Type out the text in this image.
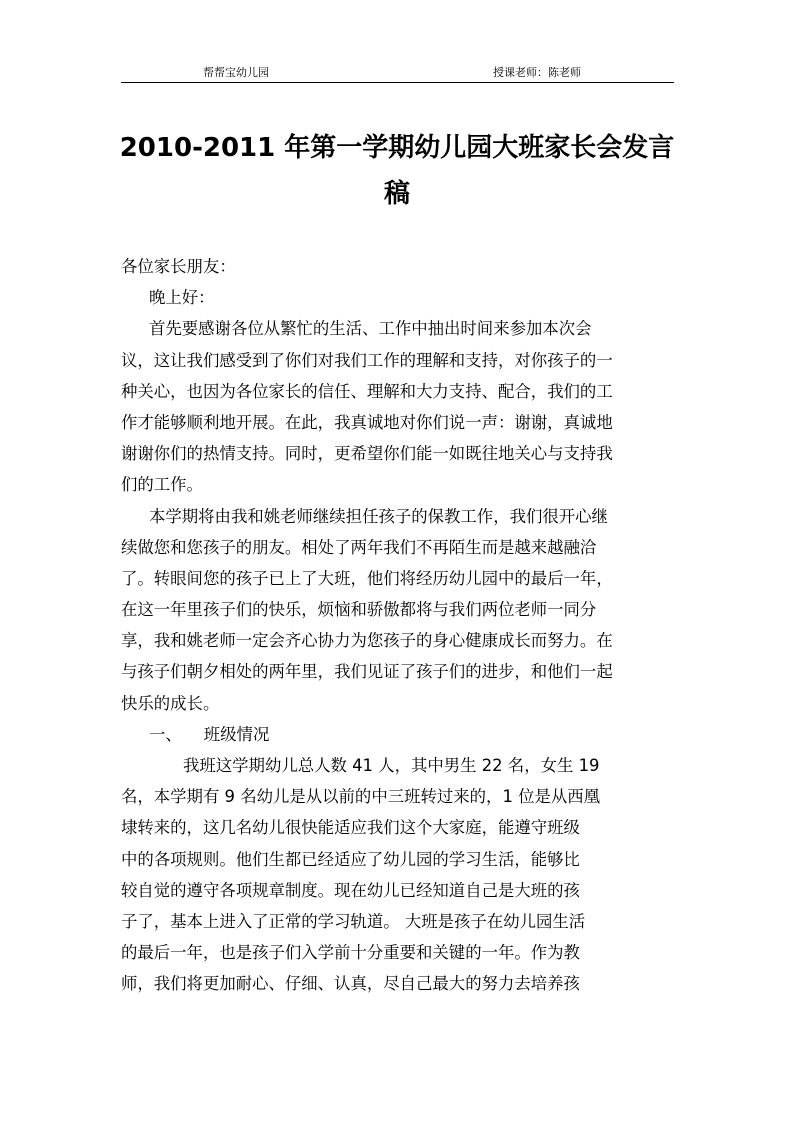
帮帮宝幼儿园	授课老师：陈老师
2010-2011 年第一学期幼儿园大班家长会发言
稿
各位家长朋友：
晚上好：
首先要感谢各位从繁忙的生活、工作中抽出时间来参加本次会
议，这让我们感受到了你们对我们工作的理解和支持，对你孩子的一
种关心，也因为各位家长的信任、理解和大力支持、配合，我们的工
作才能够顺利地开展。在此，我真诚地对你们说一声：谢谢，真诚地
谢谢你们的热情支持。同时，更希望你们能一如既往地关心与支持我
们的工作。
本学期将由我和姚老师继续担任孩子的保教工作，我们很开心继
续做您和您孩子的朋友。相处了两年我们不再陌生而是越来越融洽
了。转眼间您的孩子已上了大班，他们将经历幼儿园中的最后一年，
在这一年里孩子们的快乐，烦恼和骄傲都将与我们两位老师一同分
享，我和姚老师一定会齐心协力为您孩子的身心健康成长而努力。在
与孩子们朝夕相处的两年里，我们见证了孩子们的进步，和他们一起
快乐的成长。
一、 班级情况
我班这学期幼儿总人数 41 人，其中男生 22 名，女生 19
名，本学期有 9 名幼儿是从以前的中三班转过来的，1 位是从西凰
埭转来的，这几名幼儿很快能适应我们这个大家庭，能遵守班级
中的各项规则。他们生都已经适应了幼儿园的学习生活，能够比
较自觉的遵守各项规章制度。现在幼儿已经知道自己是大班的孩
子了，基本上进入了正常的学习轨道。 大班是孩子在幼儿园生活
的最后一年，也是孩子们入学前十分重要和关键的一年。作为教
师，我们将更加耐心、仔细、认真，尽自己最大的努力去培养孩
